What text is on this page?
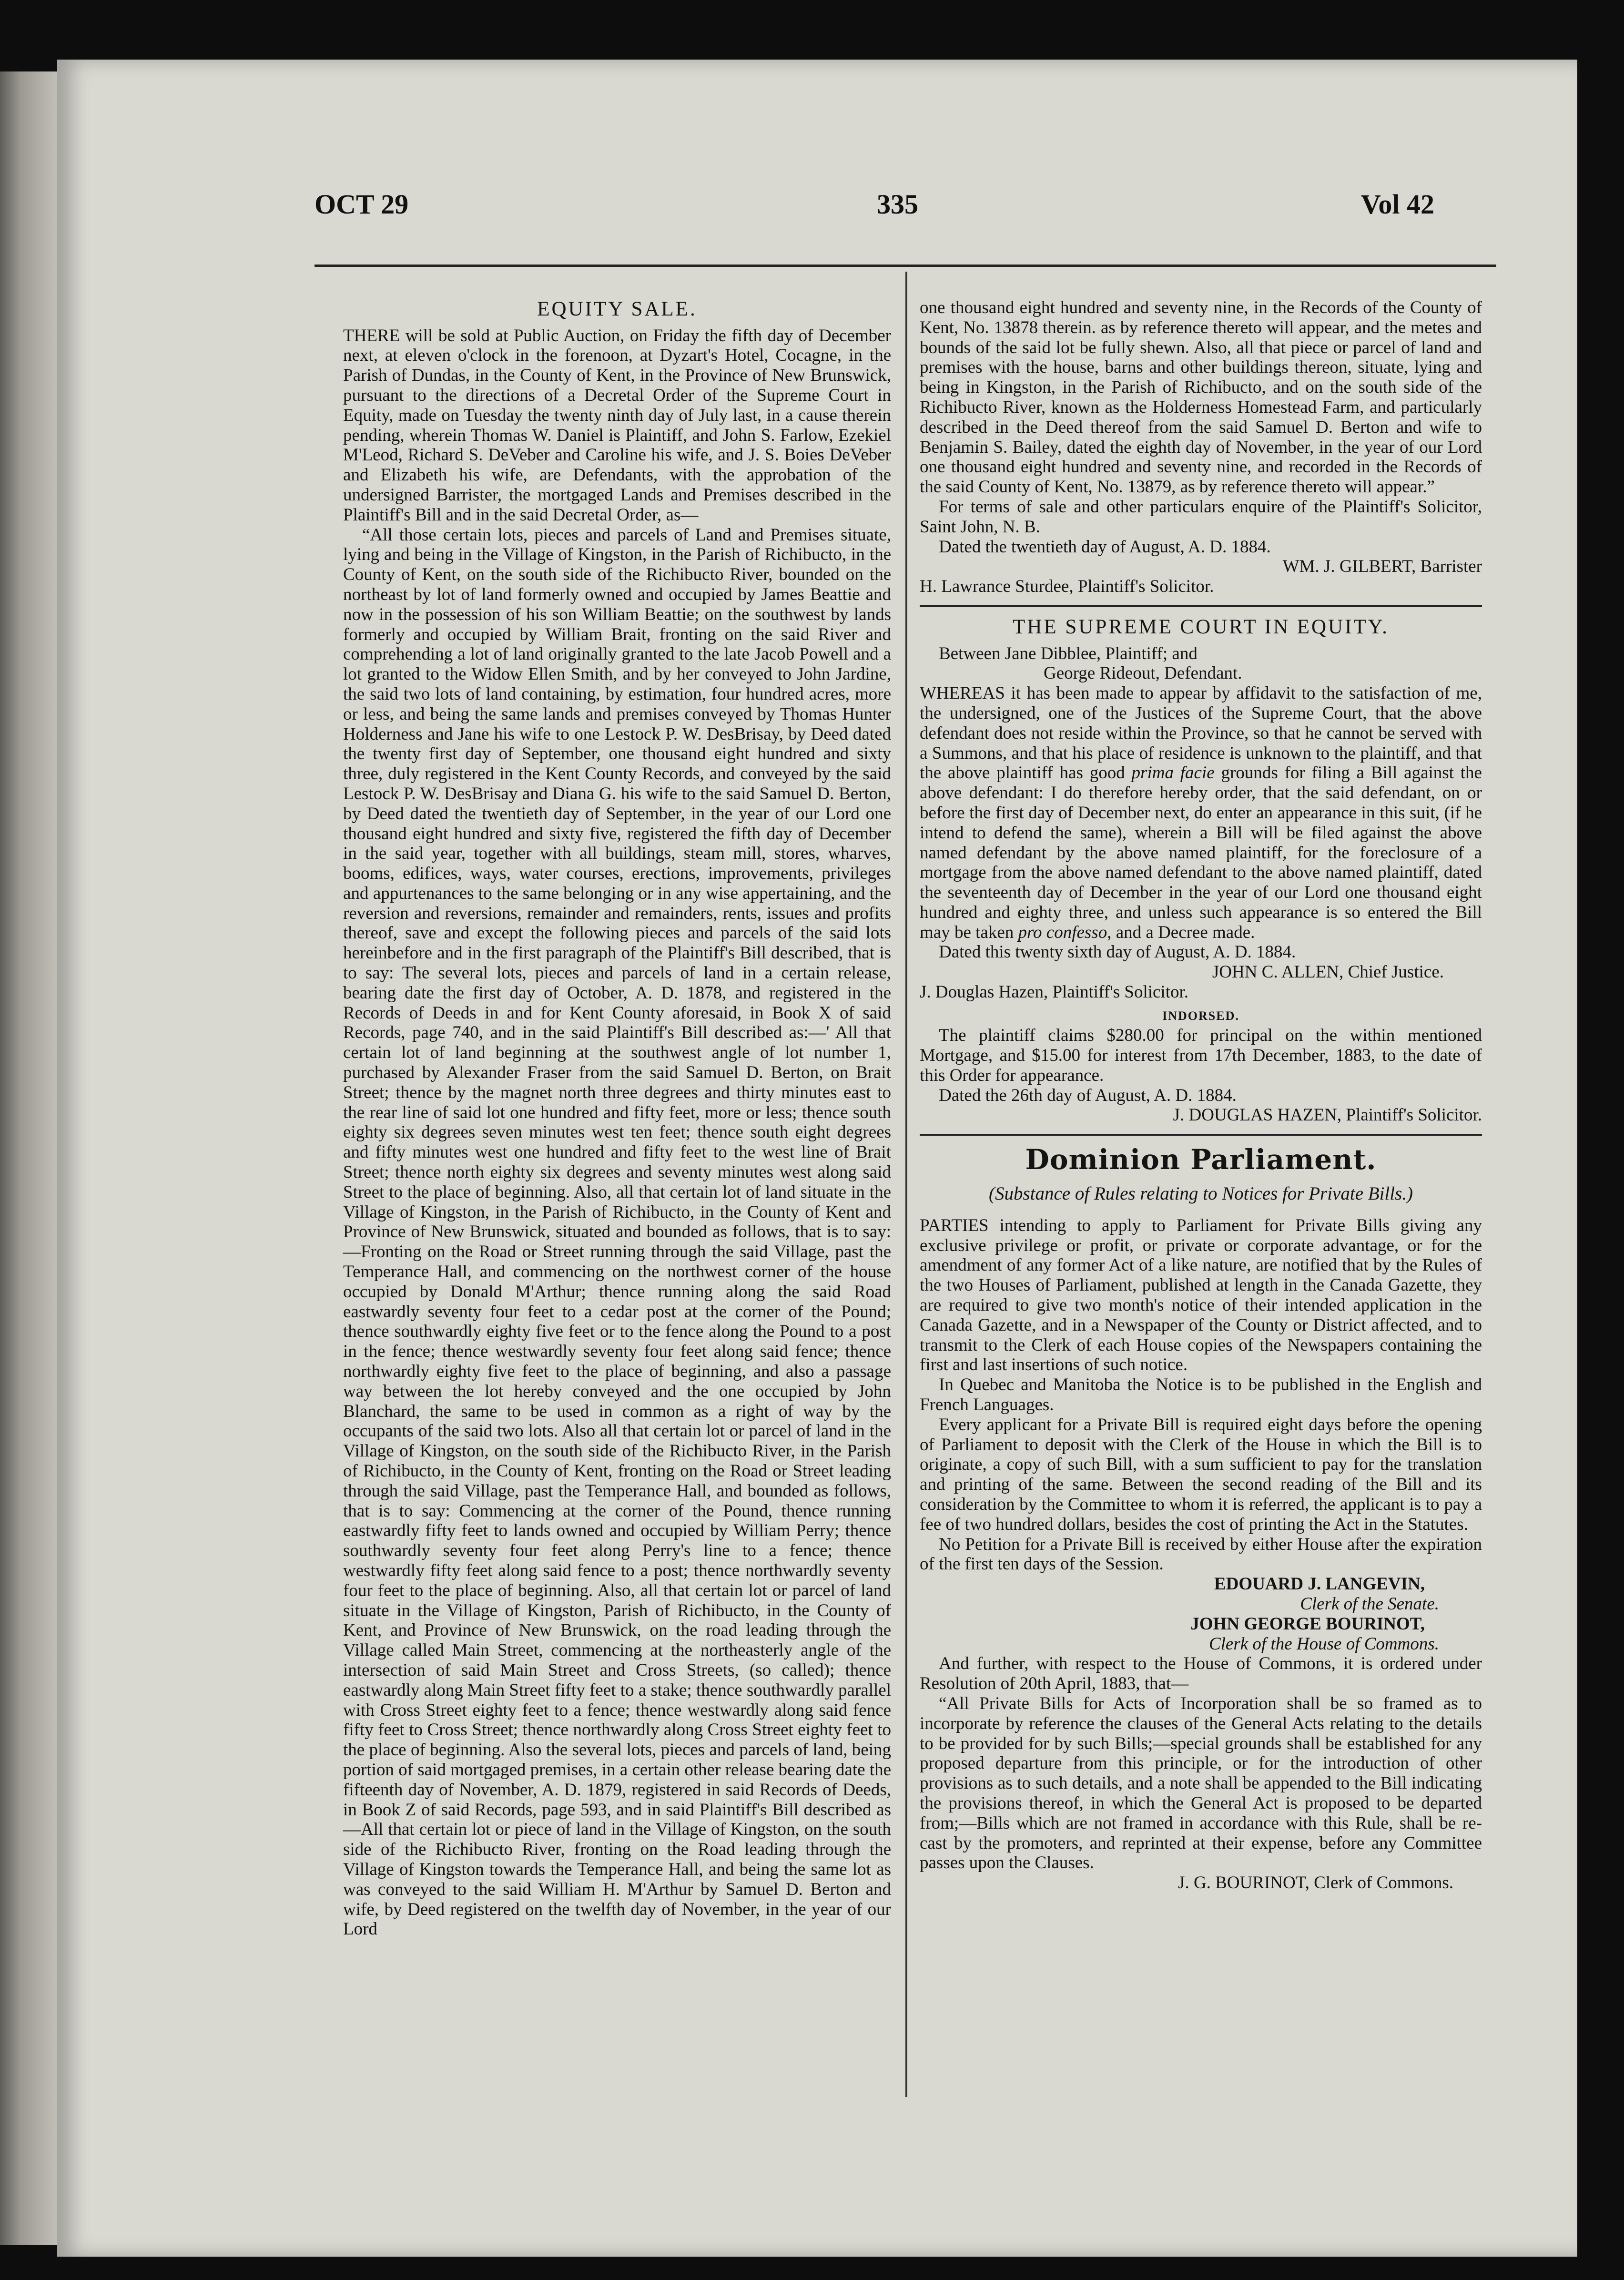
OCT 29	335	Vol 42
EQUITY SALE.

THERE will be sold at Public Auction, on Friday the fifth day of December next, at eleven o'clock in the forenoon, at Dyzart's Hotel, Cocagne, in the Parish of Dundas, in the County of Kent, in the Province of New Brunswick, pursuant to the directions of a Decretal Order of the Supreme Court in Equity, made on Tuesday the twenty ninth day of July last, in a cause therein pending, wherein Thomas W. Daniel is Plaintiff, and John S. Farlow, Ezekiel M'Leod, Richard S. DeVeber and Caroline his wife, and J. S. Boies DeVeber and Elizabeth his wife, are Defendants, with the approbation of the undersigned Barrister, the mortgaged Lands and Premises described in the Plaintiff's Bill and in the said Decretal Order, as—

“All those certain lots, pieces and parcels of Land and Premises situate, lying and being in the Village of Kingston, in the Parish of Richibucto, in the County of Kent, on the south side of the Richibucto River, bounded on the northeast by lot of land formerly owned and occupied by James Beattie and now in the possession of his son William Beattie; on the southwest by lands formerly and occupied by William Brait, fronting on the said River and comprehending a lot of land originally granted to the late Jacob Powell and a lot granted to the Widow Ellen Smith, and by her conveyed to John Jardine, the said two lots of land containing, by estimation, four hundred acres, more or less, and being the same lands and premises conveyed by Thomas Hunter Holderness and Jane his wife to one Lestock P. W. DesBrisay, by Deed dated the twenty first day of September, one thousand eight hundred and sixty three, duly registered in the Kent County Records, and conveyed by the said Lestock P. W. DesBrisay and Diana G. his wife to the said Samuel D. Berton, by Deed dated the twentieth day of September, in the year of our Lord one thousand eight hundred and sixty five, registered the fifth day of December in the said year, together with all buildings, steam mill, stores, wharves, booms, edifices, ways, water courses, erections, improvements, privileges and appurtenances to the same belonging or in any wise appertaining, and the reversion and reversions, remainder and remainders, rents, issues and profits thereof, save and except the following pieces and parcels of the said lots hereinbefore and in the first paragraph of the Plaintiff's Bill described, that is to say: The several lots, pieces and parcels of land in a certain release, bearing date the first day of October, A. D. 1878, and registered in the Records of Deeds in and for Kent County aforesaid, in Book X of said Records, page 740, and in the said Plaintiff's Bill described as:—' All that certain lot of land beginning at the southwest angle of lot number 1, purchased by Alexander Fraser from the said Samuel D. Berton, on Brait Street; thence by the magnet north three degrees and thirty minutes east to the rear line of said lot one hundred and fifty feet, more or less; thence south eighty six degrees seven minutes west ten feet; thence south eight degrees and fifty minutes west one hundred and fifty feet to the west line of Brait Street; thence north eighty six degrees and seventy minutes west along said Street to the place of beginning. Also, all that certain lot of land situate in the Village of Kingston, in the Parish of Richibucto, in the County of Kent and Province of New Brunswick, situated and bounded as follows, that is to say:—Fronting on the Road or Street running through the said Village, past the Temperance Hall, and commencing on the northwest corner of the house occupied by Donald M'Arthur; thence running along the said Road eastwardly seventy four feet to a cedar post at the corner of the Pound; thence southwardly eighty five feet or to the fence along the Pound to a post in the fence; thence westwardly seventy four feet along said fence; thence northwardly eighty five feet to the place of beginning, and also a passage way between the lot hereby conveyed and the one occupied by John Blanchard, the same to be used in common as a right of way by the occupants of the said two lots. Also all that certain lot or parcel of land in the Village of Kingston, on the south side of the Richibucto River, in the Parish of Richibucto, in the County of Kent, fronting on the Road or Street leading through the said Village, past the Temperance Hall, and bounded as follows, that is to say: Commencing at the corner of the Pound, thence running eastwardly fifty feet to lands owned and occupied by William Perry; thence southwardly seventy four feet along Perry's line to a fence; thence westwardly fifty feet along said fence to a post; thence northwardly seventy four feet to the place of beginning. Also, all that certain lot or parcel of land situate in the Village of Kingston, Parish of Richibucto, in the County of Kent, and Province of New Brunswick, on the road leading through the Village called Main Street, commencing at the northeasterly angle of the intersection of said Main Street and Cross Streets, (so called); thence eastwardly along Main Street fifty feet to a stake; thence southwardly parallel with Cross Street eighty feet to a fence; thence westwardly along said fence fifty feet to Cross Street; thence northwardly along Cross Street eighty feet to the place of beginning. Also the several lots, pieces and parcels of land, being portion of said mortgaged premises, in a certain other release bearing date the fifteenth day of November, A. D. 1879, registered in said Records of Deeds, in Book Z of said Records, page 593, and in said Plaintiff's Bill described as—All that certain lot or piece of land in the Village of Kingston, on the south side of the Richibucto River, fronting on the Road leading through the Village of Kingston towards the Temperance Hall, and being the same lot as was conveyed to the said William H. M'Arthur by Samuel D. Berton and wife, by Deed registered on the twelfth day of November, in the year of our Lord

one thousand eight hundred and seventy nine, in the Records of the County of Kent, No. 13878 therein. as by reference thereto will appear, and the metes and bounds of the said lot be fully shewn. Also, all that piece or parcel of land and premises with the house, barns and other buildings thereon, situate, lying and being in Kingston, in the Parish of Richibucto, and on the south side of the Richibucto River, known as the Holderness Homestead Farm, and particularly described in the Deed thereof from the said Samuel D. Berton and wife to Benjamin S. Bailey, dated the eighth day of November, in the year of our Lord one thousand eight hundred and seventy nine, and recorded in the Records of the said County of Kent, No. 13879, as by reference thereto will appear.”

For terms of sale and other particulars enquire of the Plaintiff's Solicitor, Saint John, N. B.

Dated the twentieth day of August, A. D. 1884.

WM. J. GILBERT, Barrister

H. Lawrance Sturdee, Plaintiff's Solicitor.

THE SUPREME COURT IN EQUITY.

Between Jane Dibblee, Plaintiff; and

George Rideout, Defendant.

WHEREAS it has been made to appear by affidavit to the satisfaction of me, the undersigned, one of the Justices of the Supreme Court, that the above defendant does not reside within the Province, so that he cannot be served with a Summons, and that his place of residence is unknown to the plaintiff, and that the above plaintiff has good prima facie grounds for filing a Bill against the above defendant: I do therefore hereby order, that the said defendant, on or before the first day of December next, do enter an appearance in this suit, (if he intend to defend the same), wherein a Bill will be filed against the above named defendant by the above named plaintiff, for the foreclosure of a mortgage from the above named defendant to the above named plaintiff, dated the seventeenth day of December in the year of our Lord one thousand eight hundred and eighty three, and unless such appearance is so entered the Bill may be taken pro confesso, and a Decree made.

Dated this twenty sixth day of August, A. D. 1884.

JOHN C. ALLEN, Chief Justice.

J. Douglas Hazen, Plaintiff's Solicitor.

INDORSED.

The plaintiff claims $280.00 for principal on the within mentioned Mortgage, and $15.00 for interest from 17th December, 1883, to the date of this Order for appearance.

Dated the 26th day of August, A. D. 1884.

J. DOUGLAS HAZEN, Plaintiff's Solicitor.

Dominion Parliament.
(Substance of Rules relating to Notices for Private Bills.)

PARTIES intending to apply to Parliament for Private Bills giving any exclusive privilege or profit, or private or corporate advantage, or for the amendment of any former Act of a like nature, are notified that by the Rules of the two Houses of Parliament, published at length in the Canada Gazette, they are required to give two month's notice of their intended application in the Canada Gazette, and in a Newspaper of the County or District affected, and to transmit to the Clerk of each House copies of the Newspapers containing the first and last insertions of such notice.

In Quebec and Manitoba the Notice is to be published in the English and French Languages.

Every applicant for a Private Bill is required eight days before the opening of Parliament to deposit with the Clerk of the House in which the Bill is to originate, a copy of such Bill, with a sum sufficient to pay for the translation and printing of the same. Between the second reading of the Bill and its consideration by the Committee to whom it is referred, the applicant is to pay a fee of two hundred dollars, besides the cost of printing the Act in the Statutes.

No Petition for a Private Bill is received by either House after the expiration of the first ten days of the Session.

EDOUARD J. LANGEVIN,

Clerk of the Senate.

JOHN GEORGE BOURINOT,

Clerk of the House of Commons.

And further, with respect to the House of Commons, it is ordered under Resolution of 20th April, 1883, that—

“All Private Bills for Acts of Incorporation shall be so framed as to incorporate by reference the clauses of the General Acts relating to the details to be provided for by such Bills;—special grounds shall be established for any proposed departure from this principle, or for the introduction of other provisions as to such details, and a note shall be appended to the Bill indicating the provisions thereof, in which the General Act is proposed to be departed from;—Bills which are not framed in accordance with this Rule, shall be re-cast by the promoters, and reprinted at their expense, before any Committee passes upon the Clauses.

J. G. BOURINOT, Clerk of Commons.
